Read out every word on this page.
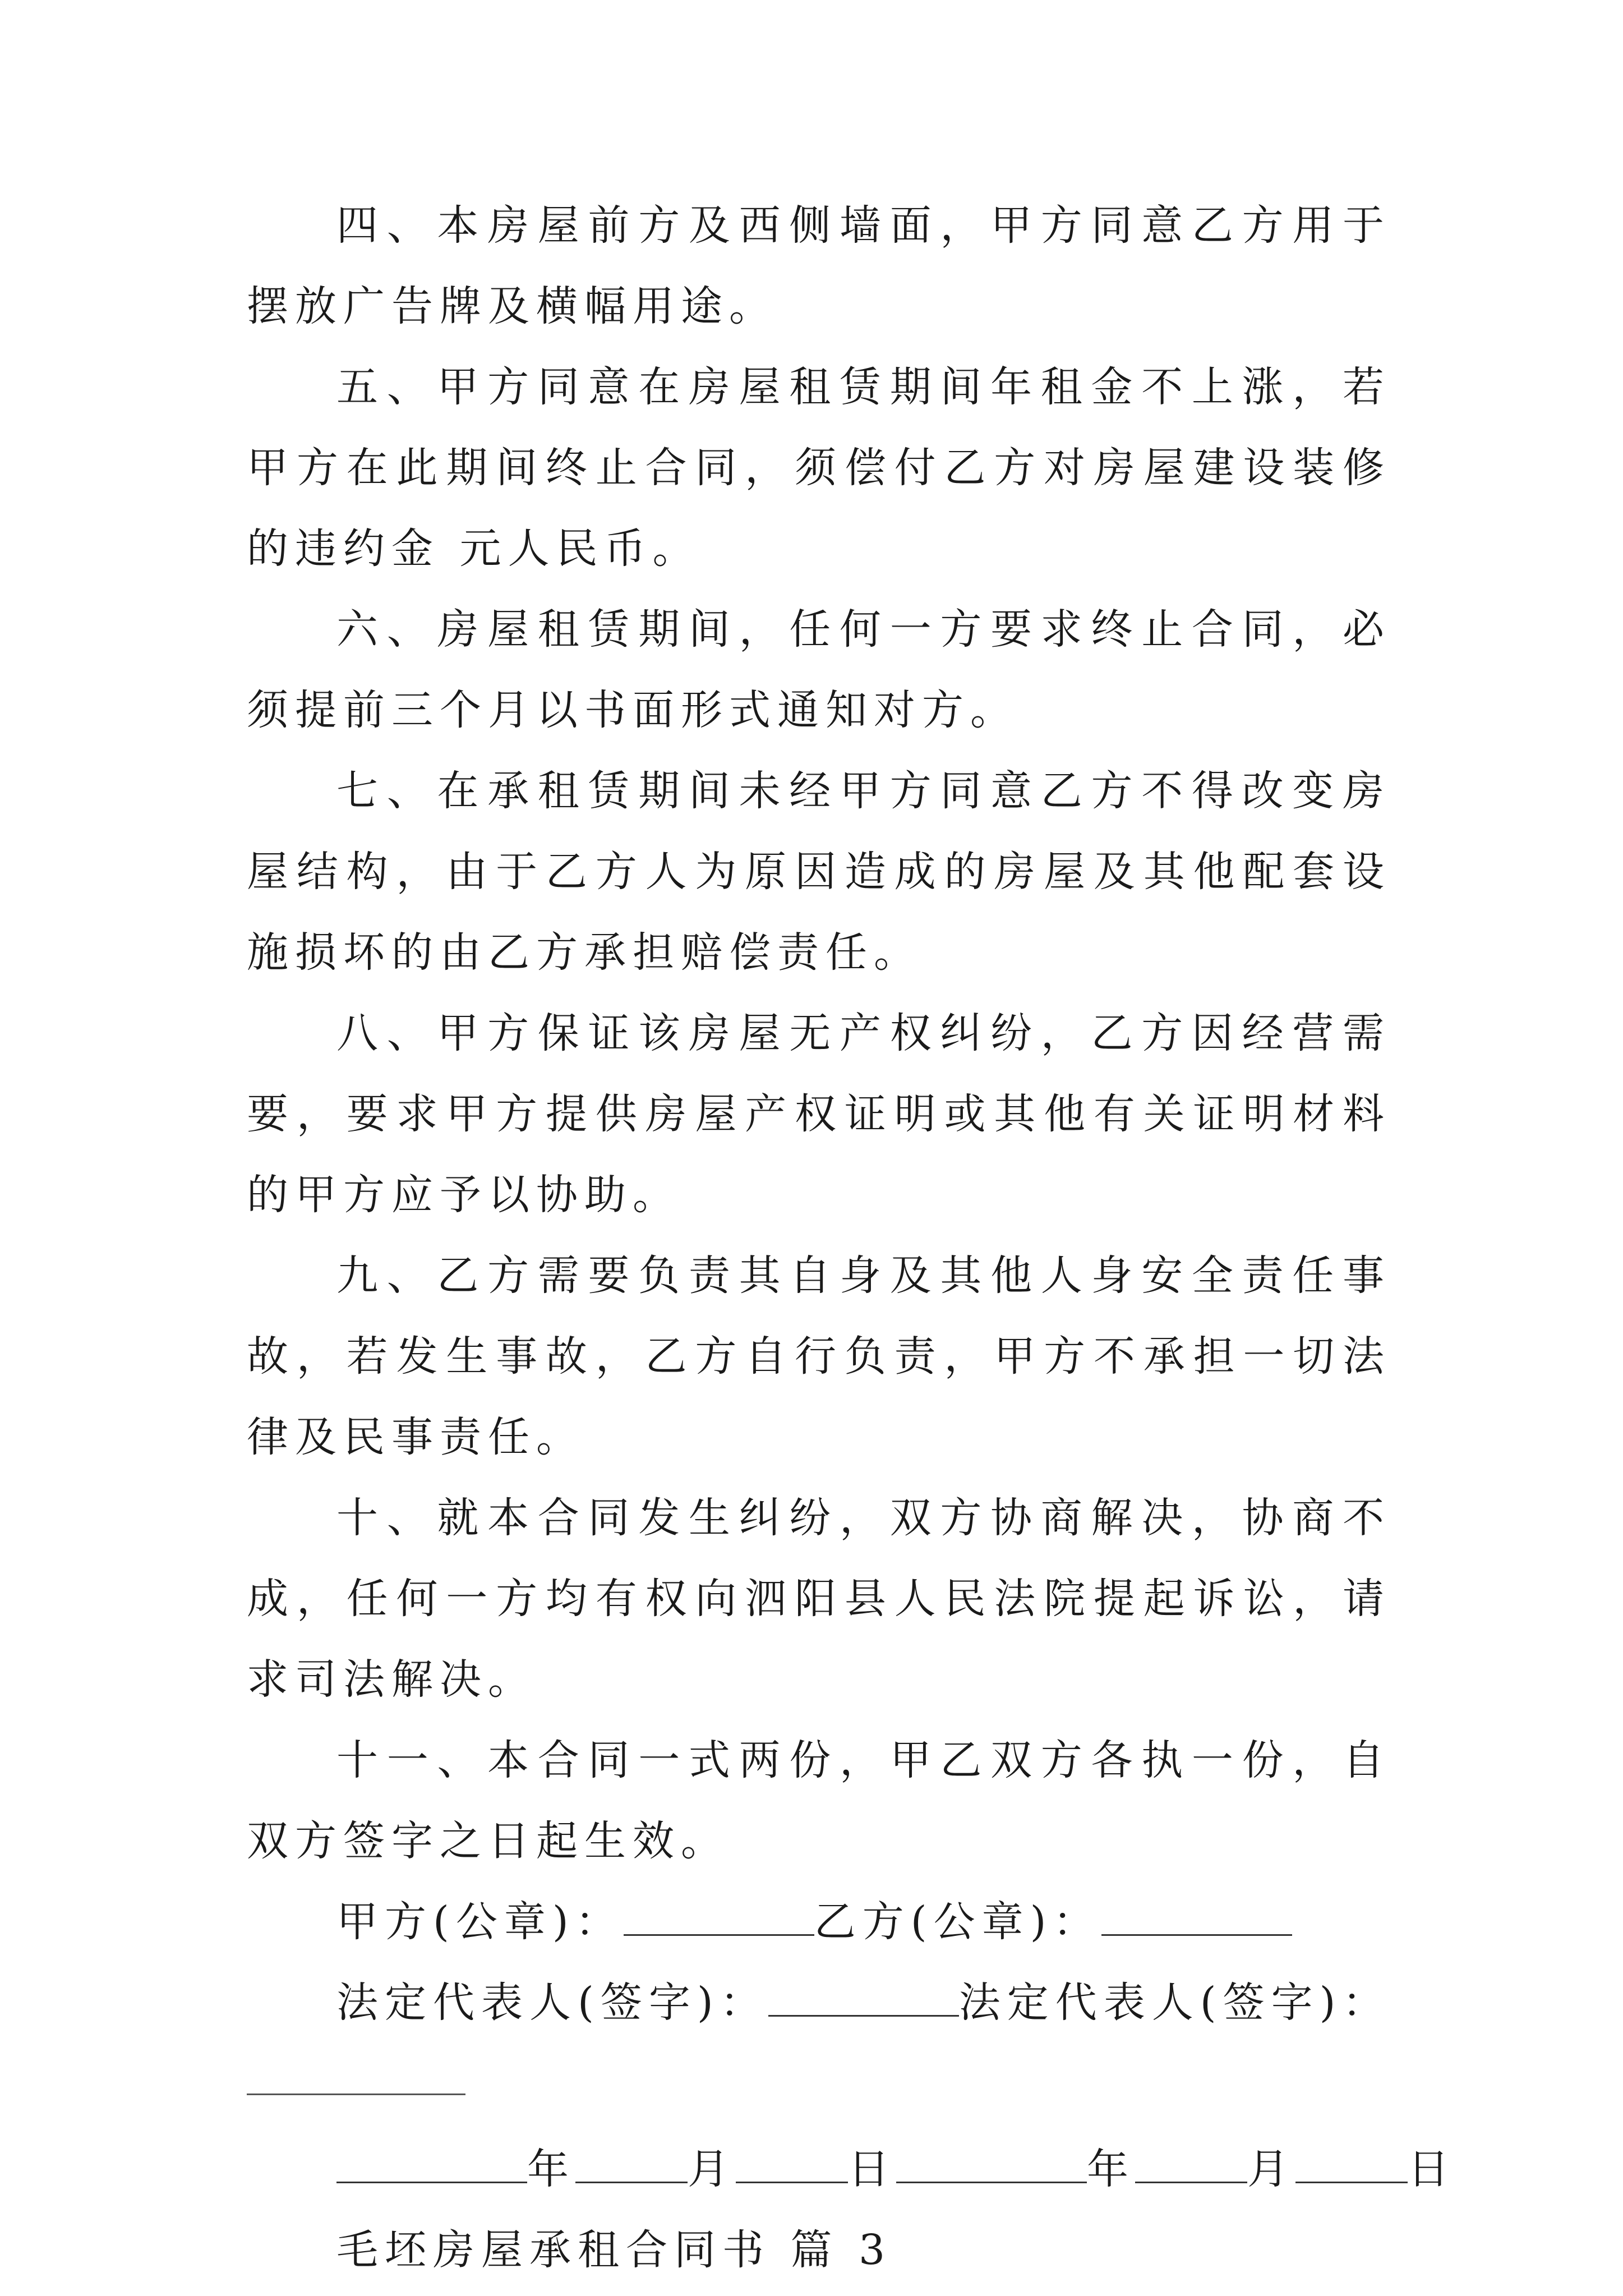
四、本房屋前方及西侧墙面，甲方同意乙方用于摆放广告牌及横幅用途。

五、甲方同意在房屋租赁期间年租金不上涨，若甲方在此期间终止合同，须偿付乙方对房屋建设装修的违约金 元人民币。

六、房屋租赁期间，任何一方要求终止合同，必须提前三个月以书面形式通知对方。

七、在承租赁期间未经甲方同意乙方不得改变房屋结构，由于乙方人为原因造成的房屋及其他配套设施损坏的由乙方承担赔偿责任。

八、甲方保证该房屋无产权纠纷，乙方因经营需要，要求甲方提供房屋产权证明或其他有关证明材料的甲方应予以协助。

九、乙方需要负责其自身及其他人身安全责任事故，若发生事故，乙方自行负责，甲方不承担一切法律及民事责任。

十、就本合同发生纠纷，双方协商解决，协商不成，任何一方均有权向泗阳县人民法院提起诉讼，请求司法解决。

十一、本合同一式两份，甲乙双方各执一份，自双方签字之日起生效。

甲方(公章)：	乙方(公章)：

法定代表人(签字)：	法定代表人(签字)：

年	月	日	年	月	日

毛坯房屋承租合同书 篇 3
